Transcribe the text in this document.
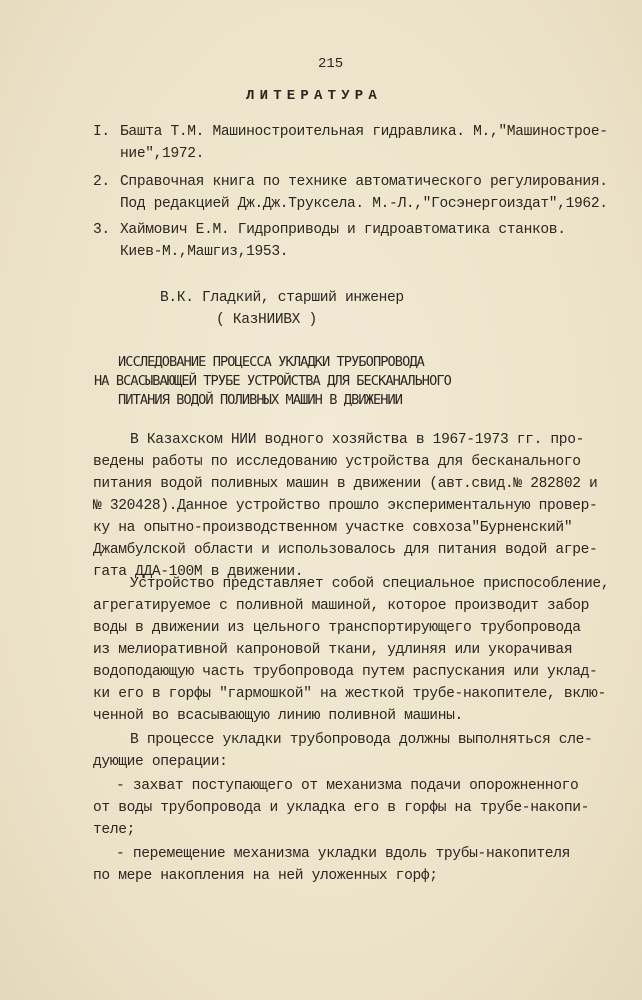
215
ЛИТЕРАТУРА
I. Башта Т.М. Машиностроительная гидравлика. М.,"Машинострое-
ние",1972.
2. Справочная книга по технике автоматического регулирования.
Под редакцией Дж.Дж.Труксела. М.-Л.,"Госэнергоиздат",1962.
3. Хаймович Е.М. Гидроприводы и гидроавтоматика станков.
Киев-М.,Машгиз,1953.
В.К. Гладкий, старший инженер
( КазНИИВХ )
ИССЛЕДОВАНИЕ ПРОЦЕССА УКЛАДКИ ТРУБОПРОВОДА
НА ВСАСЫВАЮЩЕЙ ТРУБЕ УСТРОЙСТВА ДЛЯ БЕСКАНАЛЬНОГО
ПИТАНИЯ ВОДОЙ ПОЛИВНЫХ МАШИН В ДВИЖЕНИИ
В Казахском НИИ водного хозяйства в 1967-1973 гг. про-
ведены работы по исследованию устройства для бесканального
питания водой поливных машин в движении (авт.свид.№ 282802 и
№ 320428).Данное устройство прошло экспериментальную провер-
ку на опытно-производственном участке совхоза"Бурненский"
Джамбулской области и использовалось для питания водой агре-
гата ДДА-100М в движении.
Устройство представляет собой специальное приспособление,
агрегатируемое с поливной машиной, которое производит забор
воды в движении из цельного транспортирующего трубопровода
из мелиоративной капроновой ткани, удлиняя или укорачивая
водоподающую часть трубопровода путем распускания или уклад-
ки его в горфы "гармошкой" на жесткой трубе-накопителе, вклю-
ченной во всасывающую линию поливной машины.
В процессе укладки трубопровода должны выполняться сле-
дующие операции:
- захват поступающего от механизма подачи опорожненного
от воды трубопровода и укладка его в горфы на трубе-накопи-
теле;
- перемещение механизма укладки вдоль трубы-накопителя
по мере накопления на ней уложенных горф;
